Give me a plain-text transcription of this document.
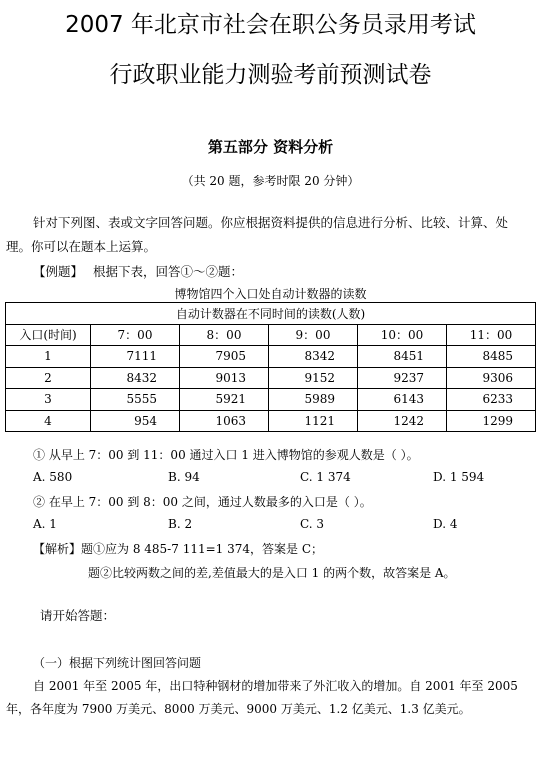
2007 年北京市社会在职公务员录用考试
行政职业能力测验考前预测试卷
第五部分 资料分析
（共 20 题，参考时限 20 分钟）
针对下列图、表或文字回答问题。你应根据资料提供的信息进行分析、比较、计算、处
理。你可以在题本上运算。
【例题】 根据下表，回答①～②题：
博物馆四个入口处自动计数器的读数
自动计数器在不同时间的读数(人数)					
入口(时间)	7：00	8：00	9：00	10：00	11：00
1	7111	7905	8342	8451	8485
2	8432	9013	9152	9237	9306
3	5555	5921	5989	6143	6233
4	954	1063	1121	1242	1299
① 从早上 7：00 到 11：00 通过入口 1 进入博物馆的参观人数是（ ）。
A. 580	B. 94	C. 1 374	D. 1 594
② 在早上 7：00 到 8：00 之间，通过人数最多的入口是（ ）。
A. 1	B. 2	C. 3	D. 4
【解析】题①应为 8 485-7 111=1 374，答案是 C；
题②比较两数之间的差,差值最大的是入口 1 的两个数，故答案是 A。
请开始答题：
（一）根据下列统计图回答问题
自 2001 年至 2005 年，出口特种钢材的增加带来了外汇收入的增加。自 2001 年至 2005
年，各年度为 7900 万美元、8000 万美元、9000 万美元、1.2 亿美元、1.3 亿美元。
